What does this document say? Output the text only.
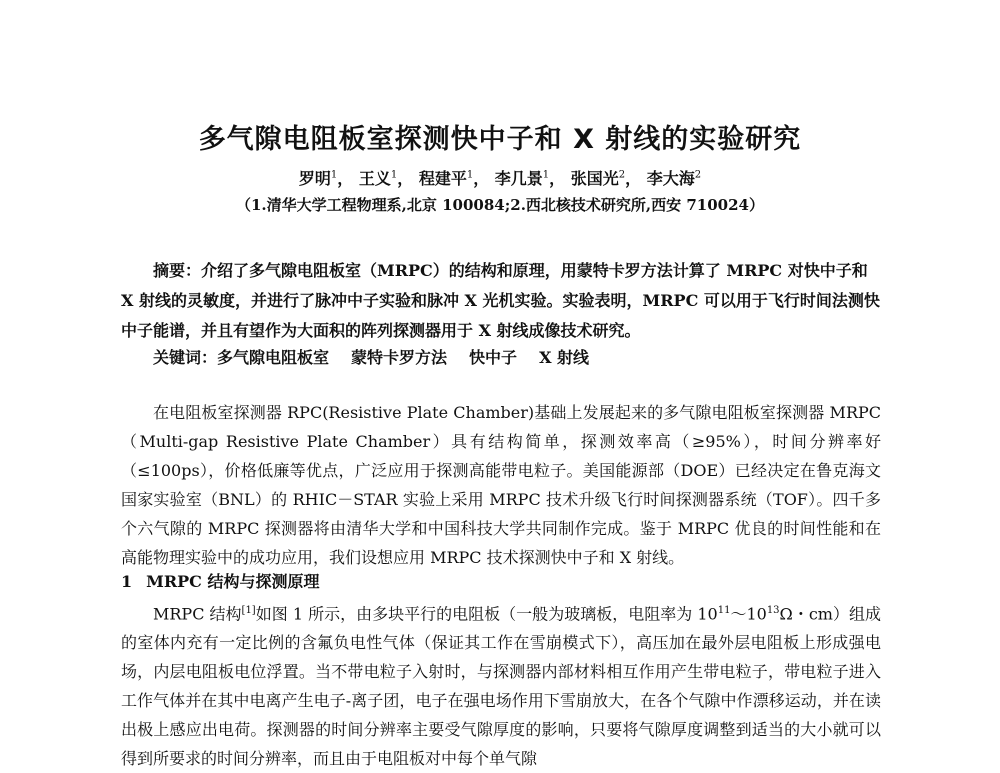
多气隙电阻板室探测快中子和 X 射线的实验研究
罗明$^1$， 王义$^1$， 程建平$^1$， 李几景$^1$， 张国光$^2$， 李大海$^2$
（1.清华大学工程物理系,北京 100084;2.西北核技术研究所,西安 710024）

摘要：介绍了多气隙电阻板室（MRPC）的结构和原理，用蒙特卡罗方法计算了 MRPC 对快中子和 X 射线的灵敏度，并进行了脉冲中子实验和脉冲 X 光机实验。实验表明，MRPC 可以用于飞行时间法测快中子能谱，并且有望作为大面积的阵列探测器用于 X 射线成像技术研究。

关键词：多气隙电阻板室 蒙特卡罗方法 快中子 X 射线

在电阻板室探测器 RPC(Resistive Plate Chamber)基础上发展起来的多气隙电阻板室探测器 MRPC（Multi-gap Resistive Plate Chamber）具有结构简单，探测效率高（≥95%），时间分辨率好（≤100ps），价格低廉等优点，广泛应用于探测高能带电粒子。美国能源部（DOE）已经决定在鲁克海文国家实验室（BNL）的 RHIC－STAR 实验上采用 MRPC 技术升级飞行时间探测器系统（TOF）。四千多个六气隙的 MRPC 探测器将由清华大学和中国科技大学共同制作完成。鉴于 MRPC 优良的时间性能和在高能物理实验中的成功应用，我们设想应用 MRPC 技术探测快中子和 X 射线。

1 MRPC 结构与探测原理

MRPC 结构[1]如图 1 所示，由多块平行的电阻板（一般为玻璃板，电阻率为 $10^{11}\sim 10^{13}\Omega$・cm）组成的室体内充有一定比例的含氟负电性气体（保证其工作在雪崩模式下），高压加在最外层电阻板上形成强电场，内层电阻板电位浮置。当不带电粒子入射时，与探测器内部材料相互作用产生带电粒子，带电粒子进入工作气体并在其中电离产生电子-离子团，电子在强电场作用下雪崩放大，在各个气隙中作漂移运动，并在读出极上感应出电荷。探测器的时间分辨率主要受气隙厚度的影响，只要将气隙厚度调整到适当的大小就可以得到所要求的时间分辨率，而且由于电阻板对中每个单气隙
